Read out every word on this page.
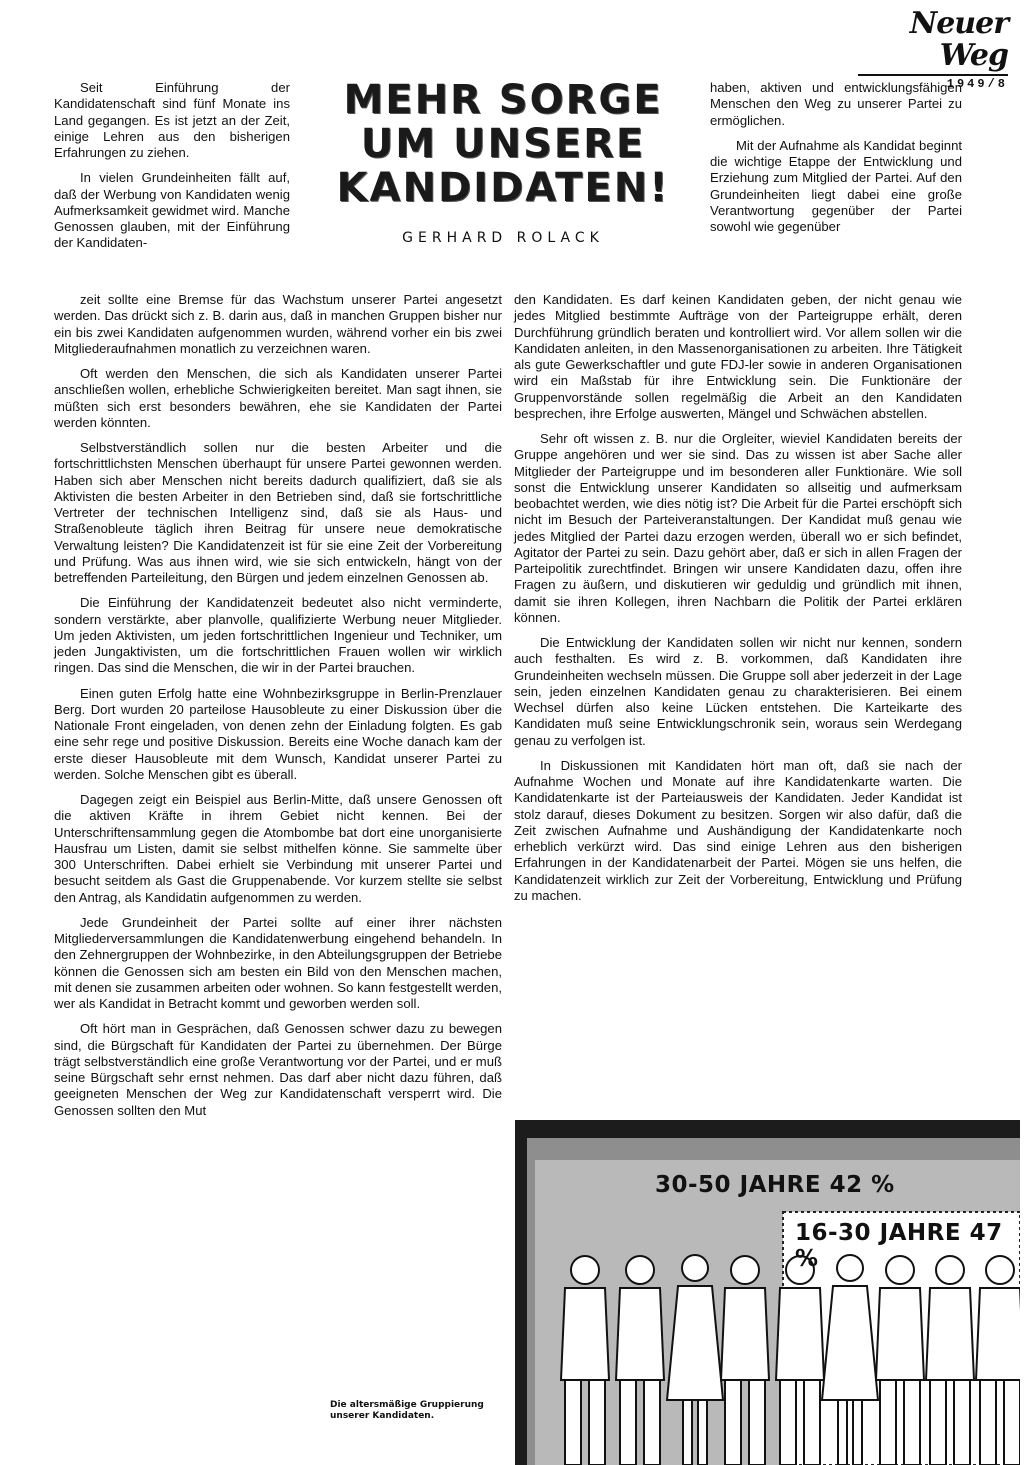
Neuer Weg
1949/8
MEHR SORGE
UM UNSERE
KANDIDATEN!
GERHARD ROLACK

Seit Einführung der Kandidatenschaft sind fünf Monate ins Land gegangen. Es ist jetzt an der Zeit, einige Lehren aus den bisherigen Erfahrungen zu ziehen.

In vielen Grundeinheiten fällt auf, daß der Werbung von Kandidaten wenig Aufmerksamkeit gewidmet wird. Manche Genossen glauben, mit der Einführung der Kandidaten-

zeit sollte eine Bremse für das Wachstum unserer Partei angesetzt werden. Das drückt sich z. B. darin aus, daß in manchen Gruppen bisher nur ein bis zwei Kandidaten aufgenommen wurden, während vorher ein bis zwei Mitgliederaufnahmen monatlich zu verzeichnen waren.

Oft werden den Menschen, die sich als Kandidaten unserer Partei anschließen wollen, erhebliche Schwierigkeiten bereitet. Man sagt ihnen, sie müßten sich erst besonders bewähren, ehe sie Kandidaten der Partei werden könnten.

Selbstverständlich sollen nur die besten Arbeiter und die fortschrittlichsten Menschen überhaupt für unsere Partei gewonnen werden. Haben sich aber Menschen nicht bereits dadurch qualifiziert, daß sie als Aktivisten die besten Arbeiter in den Betrieben sind, daß sie fortschrittliche Vertreter der technischen Intelligenz sind, daß sie als Haus- und Straßenobleute täglich ihren Beitrag für unsere neue demokratische Verwaltung leisten? Die Kandidatenzeit ist für sie eine Zeit der Vorbereitung und Prüfung. Was aus ihnen wird, wie sie sich entwickeln, hängt von der betreffenden Parteileitung, den Bürgen und jedem einzelnen Genossen ab.

Die Einführung der Kandidatenzeit bedeutet also nicht verminderte, sondern verstärkte, aber planvolle, qualifizierte Werbung neuer Mitglieder. Um jeden Aktivisten, um jeden fortschrittlichen Ingenieur und Techniker, um jeden Jungaktivisten, um die fortschrittlichen Frauen wollen wir wirklich ringen. Das sind die Menschen, die wir in der Partei brauchen.

Einen guten Erfolg hatte eine Wohnbezirksgruppe in Berlin-Prenzlauer Berg. Dort wurden 20 parteilose Hausobleute zu einer Diskussion über die Nationale Front eingeladen, von denen zehn der Einladung folgten. Es gab eine sehr rege und positive Diskussion. Bereits eine Woche danach kam der erste dieser Hausobleute mit dem Wunsch, Kandidat unserer Partei zu werden. Solche Menschen gibt es überall.

Dagegen zeigt ein Beispiel aus Berlin-Mitte, daß unsere Genossen oft die aktiven Kräfte in ihrem Gebiet nicht kennen. Bei der Unterschriftensammlung gegen die Atombombe bat dort eine unorganisierte Hausfrau um Listen, damit sie selbst mithelfen könne. Sie sammelte über 300 Unterschriften. Dabei erhielt sie Verbindung mit unserer Partei und besucht seitdem als Gast die Gruppenabende. Vor kurzem stellte sie selbst den Antrag, als Kandidatin aufgenommen zu werden.

Jede Grundeinheit der Partei sollte auf einer ihrer nächsten Mitgliederversammlungen die Kandidatenwerbung eingehend behandeln. In den Zehnergruppen der Wohnbezirke, in den Abteilungsgruppen der Betriebe können die Genossen sich am besten ein Bild von den Menschen machen, mit denen sie zusammen arbeiten oder wohnen. So kann festgestellt werden, wer als Kandidat in Betracht kommt und geworben werden soll.

Oft hört man in Gesprächen, daß Genossen schwer dazu zu bewegen sind, die Bürgschaft für Kandidaten der Partei zu übernehmen. Der Bürge trägt selbstverständlich eine große Verantwortung vor der Partei, und er muß seine Bürgschaft sehr ernst nehmen. Das darf aber nicht dazu führen, daß geeigneten Menschen der Weg zur Kandidatenschaft versperrt wird. Die Genossen sollten den Mut

haben, aktiven und entwicklungsfähigen Menschen den Weg zu unserer Partei zu ermöglichen.

Mit der Aufnahme als Kandidat beginnt die wichtige Etappe der Entwicklung und Erziehung zum Mitglied der Partei. Auf den Grundeinheiten liegt dabei eine große Verantwortung gegenüber der Partei sowohl wie gegenüber

den Kandidaten. Es darf keinen Kandidaten geben, der nicht genau wie jedes Mitglied bestimmte Aufträge von der Parteigruppe erhält, deren Durchführung gründlich beraten und kontrolliert wird. Vor allem sollen wir die Kandidaten anleiten, in den Massenorganisationen zu arbeiten. Ihre Tätigkeit als gute Gewerkschaftler und gute FDJ-ler sowie in anderen Organisationen wird ein Maßstab für ihre Entwicklung sein. Die Funktionäre der Gruppenvorstände sollen regelmäßig die Arbeit an den Kandidaten besprechen, ihre Erfolge auswerten, Mängel und Schwächen abstellen.

Sehr oft wissen z. B. nur die Orgleiter, wieviel Kandidaten bereits der Gruppe angehören und wer sie sind. Das zu wissen ist aber Sache aller Mitglieder der Parteigruppe und im besonderen aller Funktionäre. Wie soll sonst die Entwicklung unserer Kandidaten so allseitig und aufmerksam beobachtet werden, wie dies nötig ist? Die Arbeit für die Partei erschöpft sich nicht im Besuch der Parteiveranstaltungen. Der Kandidat muß genau wie jedes Mitglied der Partei dazu erzogen werden, überall wo er sich befindet, Agitator der Partei zu sein. Dazu gehört aber, daß er sich in allen Fragen der Parteipolitik zurechtfindet. Bringen wir unsere Kandidaten dazu, offen ihre Fragen zu äußern, und diskutieren wir geduldig und gründlich mit ihnen, damit sie ihren Kollegen, ihren Nachbarn die Politik der Partei erklären können.

Die Entwicklung der Kandidaten sollen wir nicht nur kennen, sondern auch festhalten. Es wird z. B. vorkommen, daß Kandidaten ihre Grundeinheiten wechseln müssen. Die Gruppe soll aber jederzeit in der Lage sein, jeden einzelnen Kandidaten genau zu charakterisieren. Bei einem Wechsel dürfen also keine Lücken entstehen. Die Karteikarte des Kandidaten muß seine Entwicklungschronik sein, woraus sein Werdegang genau zu verfolgen ist.

In Diskussionen mit Kandidaten hört man oft, daß sie nach der Aufnahme Wochen und Monate auf ihre Kandidatenkarte warten. Die Kandidatenkarte ist der Parteiausweis der Kandidaten. Jeder Kandidat ist stolz darauf, dieses Dokument zu besitzen. Sorgen wir also dafür, daß die Zeit zwischen Aufnahme und Aushändigung der Kandidatenkarte noch erheblich verkürzt wird. Das sind einige Lehren aus den bisherigen Erfahrungen in der Kandidatenarbeit der Partei. Mögen sie uns helfen, die Kandidatenzeit wirklich zur Zeit der Vorbereitung, Entwicklung und Prüfung zu machen.

30-50 JAHRE 42 %
16-30 JAHRE 47 %
Die altersmäßige Gruppierung unserer Kandidaten.
